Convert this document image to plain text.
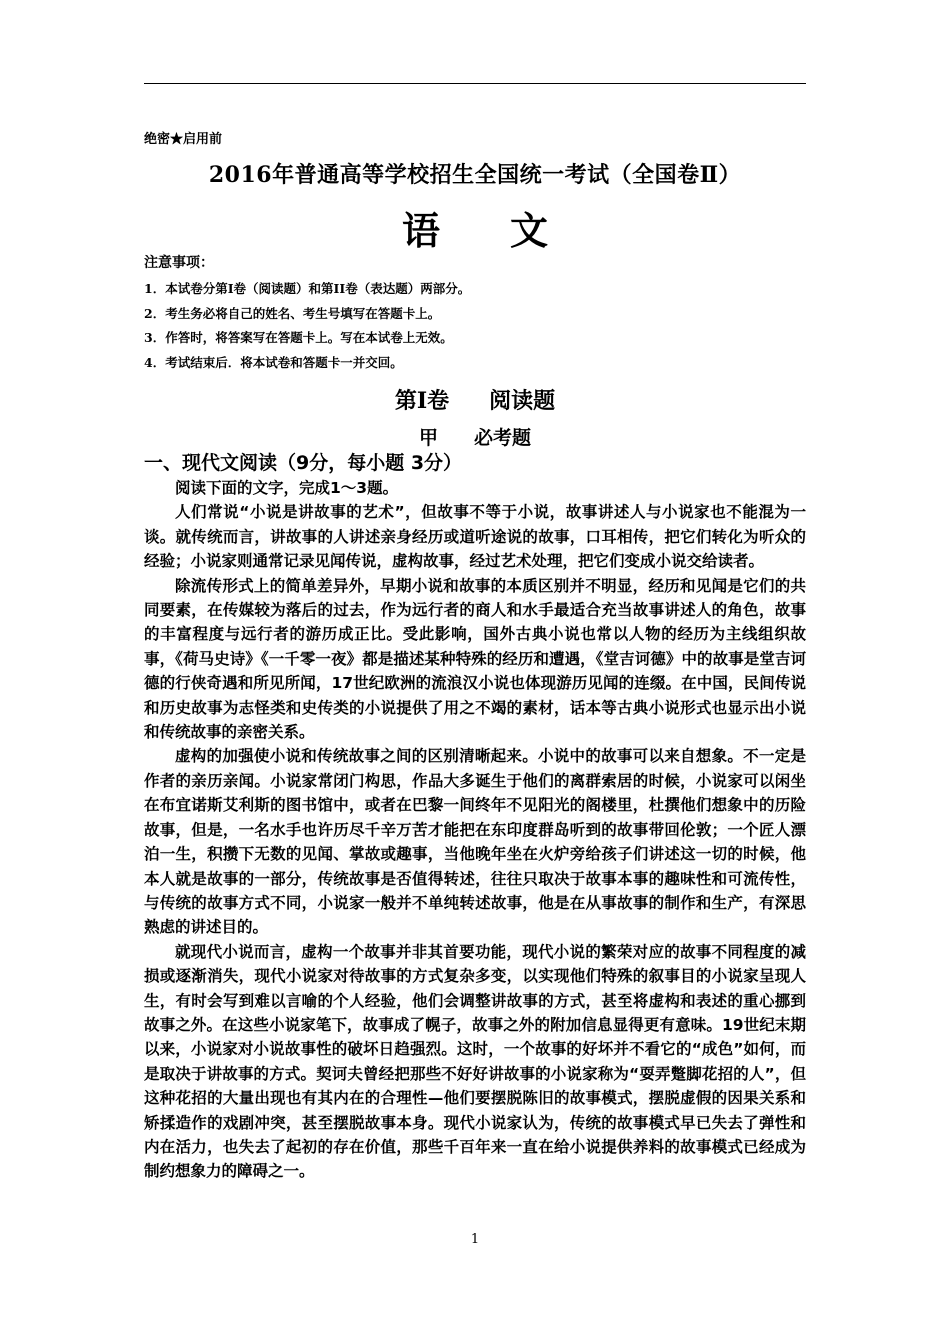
绝密★启用前
2016年普通高等学校招生全国统一考试（全国卷Ⅱ）
语 文
注意事项：
1．本试卷分第I卷（阅读题）和第II卷（表达题）两部分。
2．考生务必将自己的姓名、考生号填写在答题卡上。
3．作答时，将答案写在答题卡上。写在本试卷上无效。
4．考试结束后．将本试卷和答题卡一并交回。
第Ⅰ卷 阅读题
甲 必考题
一、现代文阅读（9分，每小题 3分）

阅读下面的文字，完成1～3题。

人们常说“小说是讲故事的艺术”，但故事不等于小说，故事讲述人与小说家也不能混为一谈。就传统而言，讲故事的人讲述亲身经历或道听途说的故事，口耳相传，把它们转化为听众的经验；小说家则通常记录见闻传说，虚构故事，经过艺术处理，把它们变成小说交给读者。

除流传形式上的简单差异外，早期小说和故事的本质区别并不明显，经历和见闻是它们的共同要素，在传媒较为落后的过去，作为远行者的商人和水手最适合充当故事讲述人的角色，故事的丰富程度与远行者的游历成正比。受此影响，国外古典小说也常以人物的经历为主线组织故事，《荷马史诗》《一千零一夜》都是描述某种特殊的经历和遭遇，《堂吉诃德》中的故事是堂吉诃德的行侠奇遇和所见所闻，17世纪欧洲的流浪汉小说也体现游历见闻的连缀。在中国，民间传说和历史故事为志怪类和史传类的小说提供了用之不竭的素材，话本等古典小说形式也显示出小说和传统故事的亲密关系。

虚构的加强使小说和传统故事之间的区别清晰起来。小说中的故事可以来自想象。不一定是作者的亲历亲闻。小说家常闭门构思，作品大多诞生于他们的离群索居的时候，小说家可以闲坐在布宜诺斯艾利斯的图书馆中，或者在巴黎一间终年不见阳光的阁楼里，杜撰他们想象中的历险故事，但是，一名水手也许历尽千辛万苦才能把在东印度群岛听到的故事带回伦敦；一个匠人漂泊一生，积攒下无数的见闻、掌故或趣事，当他晚年坐在火炉旁给孩子们讲述这一切的时候，他本人就是故事的一部分，传统故事是否值得转述，往往只取决于故事本事的趣味性和可流传性，与传统的故事方式不同，小说家一般并不单纯转述故事，他是在从事故事的制作和生产，有深思熟虑的讲述目的。

就现代小说而言，虚构一个故事并非其首要功能，现代小说的繁荣对应的故事不同程度的减损或逐渐消失，现代小说家对待故事的方式复杂多变，以实现他们特殊的叙事目的小说家呈现人生，有时会写到难以言喻的个人经验，他们会调整讲故事的方式，甚至将虚构和表述的重心挪到故事之外。在这些小说家笔下，故事成了幌子，故事之外的附加信息显得更有意味。19世纪末期以来，小说家对小说故事性的破坏日趋强烈。这时，一个故事的好坏并不看它的“成色”如何，而是取决于讲故事的方式。契诃夫曾经把那些不好好讲故事的小说家称为“耍弄蹩脚花招的人”，但这种花招的大量出现也有其内在的合理性—他们要摆脱陈旧的故事模式，摆脱虚假的因果关系和矫揉造作的戏剧冲突，甚至摆脱故事本身。现代小说家认为，传统的故事模式早已失去了弹性和内在活力，也失去了起初的存在价值，那些千百年来一直在给小说提供养料的故事模式已经成为制约想象力的障碍之一。

1
